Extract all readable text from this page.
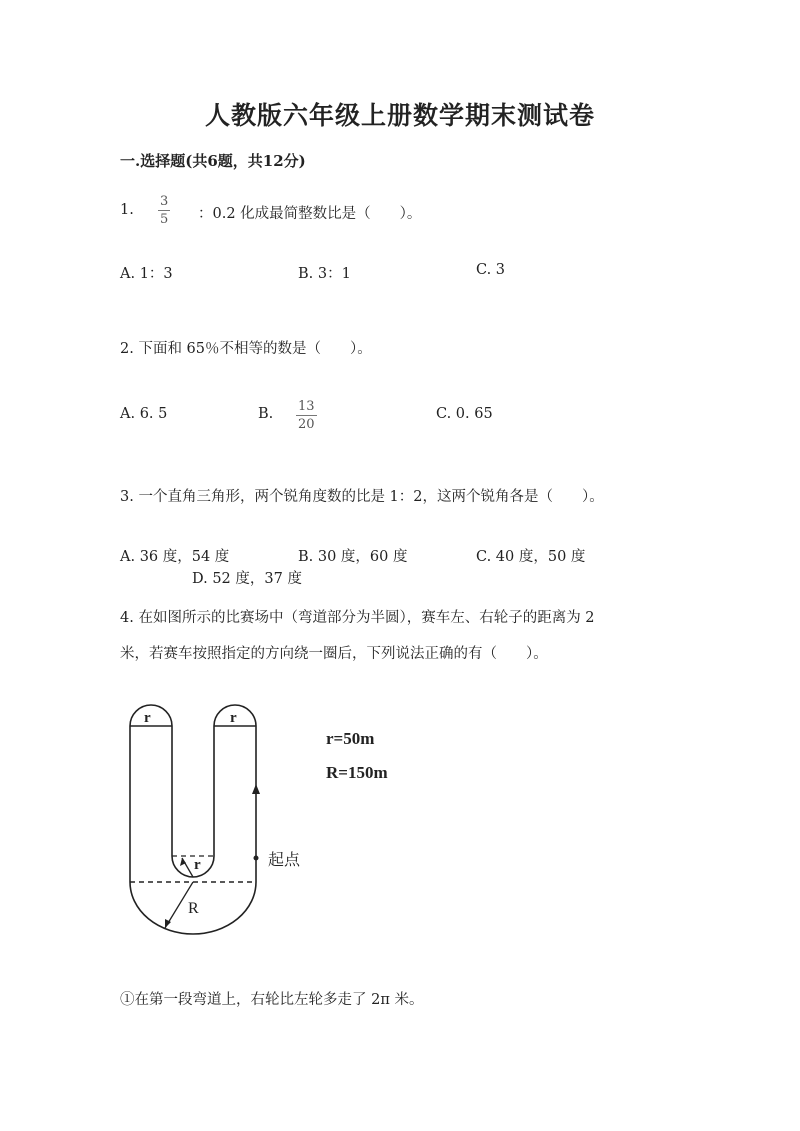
人教版六年级上册数学期末测试卷
一.选择题(共6题，共12分)
1.
3
5 ：0.2 化成最简整数比是（　　）。
A. 1：3	B. 3：1	C. 3
2. 下面和 65％不相等的数是（　　）。
A. 6. 5	B. 13
20
C. 0. 65
3. 一个直角三角形，两个锐角度数的比是 1：2，这两个锐角各是（　　）。
A. 36 度，54 度	B. 30 度，60 度	C. 40 度，50 度
D. 52 度，37 度
4. 在如图所示的比赛场中（弯道部分为半圆），赛车左、右轮子的距离为 2
米，若赛车按照指定的方向绕一圈后，下列说法正确的有（　　）。
r	r
r
R
起点
r=50m
R=150m
①在第一段弯道上，右轮比左轮多走了 2π 米。
